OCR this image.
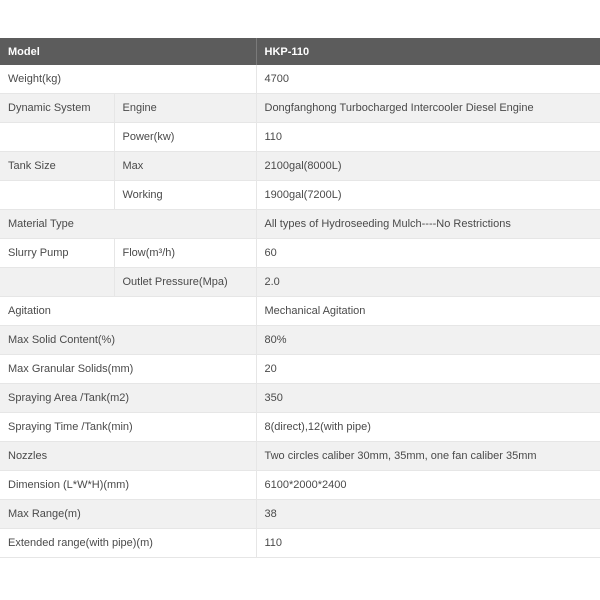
Model		HKP-110
Weight(kg)		4700
Dynamic System	Engine	Dongfanghong Turbocharged Intercooler Diesel Engine
	Power(kw)	110
Tank Size	Max	2100gal(8000L)
	Working	1900gal(7200L)
Material Type		All types of Hydroseeding Mulch----No Restrictions
Slurry Pump	Flow(m³/h)	60
	Outlet Pressure(Mpa)	2.0
Agitation		Mechanical Agitation
Max Solid Content(%)		80%
Max Granular Solids(mm)		20
Spraying Area /Tank(m2)		350
Spraying Time /Tank(min)		8(direct),12(with pipe)
Nozzles		Two circles caliber 30mm, 35mm, one fan caliber 35mm
Dimension (L*W*H)(mm)		6100*2000*2400
Max Range(m)		38
Extended range(with pipe)(m)		110
